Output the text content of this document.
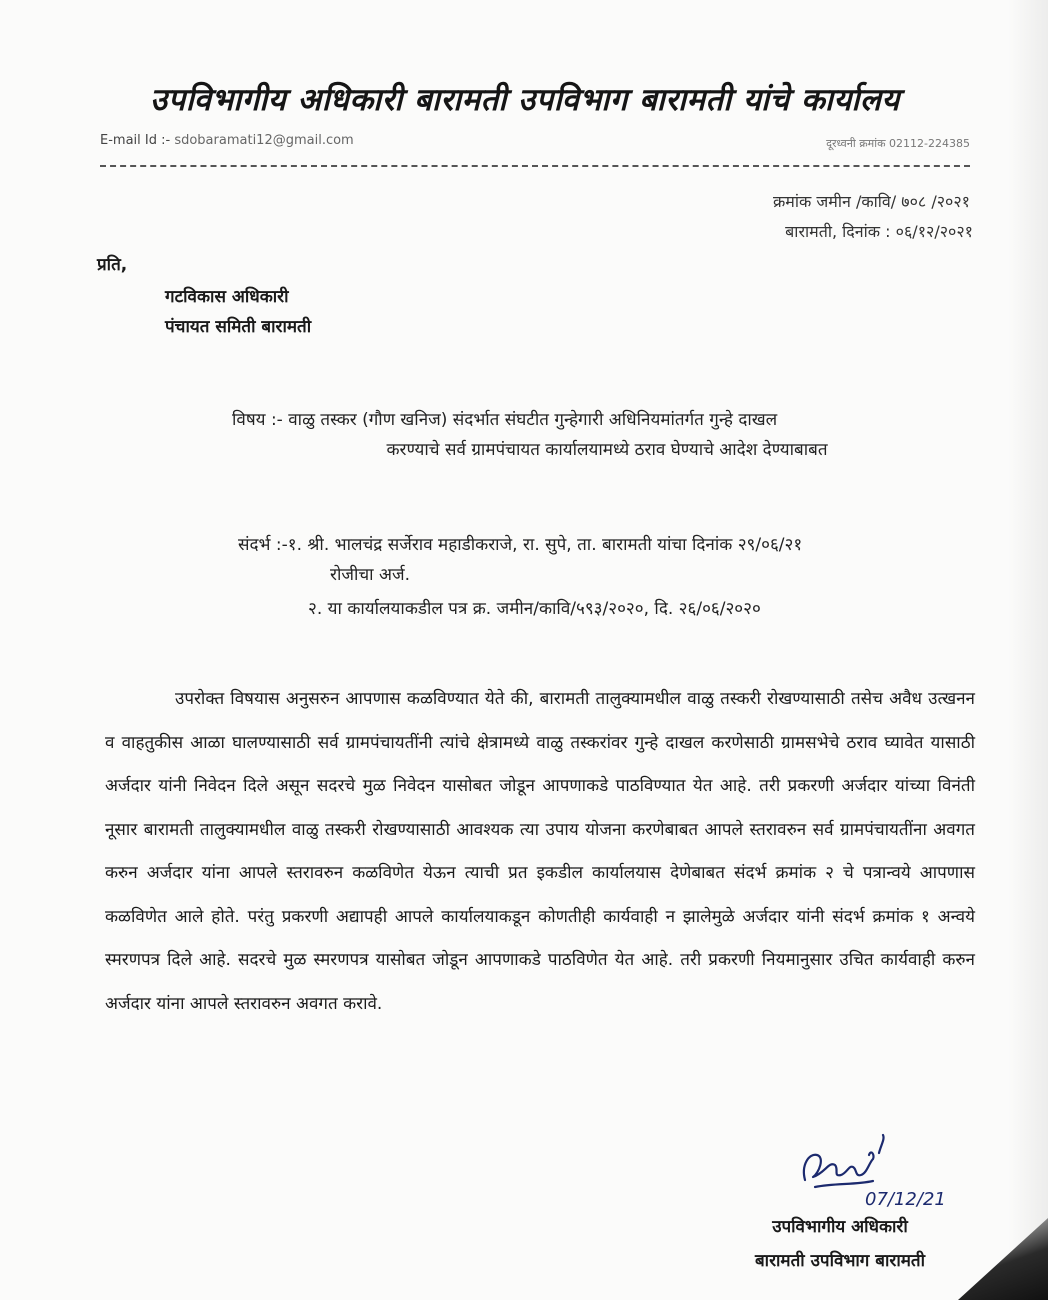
उपविभागीय अधिकारी बारामती उपविभाग बारामती यांचे कार्यालय
E-mail Id :- sdobaramati12@gmail.com	दूरध्वनी क्रमांक 02112-224385
क्रमांक जमीन /कावि/ ७०८ /२०२१
बारामती, दिनांक : ०६/१२/२०२१
प्रति,
गटविकास अधिकारी
पंचायत समिती बारामती
विषय :- वाळु तस्कर (गौण खनिज) संदर्भात संघटीत गुन्हेगारी अधिनियमांतर्गत गुन्हे दाखल
करण्याचे सर्व ग्रामपंचायत कार्यालयामध्ये ठराव घेण्याचे आदेश देण्याबाबत
संदर्भ :-१. श्री. भालचंद्र सर्जेराव महाडीकराजे, रा. सुपे, ता. बारामती यांचा दिनांक २९/०६/२१
रोजीचा अर्ज.
२. या कार्यालयाकडील पत्र क्र. जमीन/कावि/५९३/२०२०, दि. २६/०६/२०२०
उपरोक्त विषयास अनुसरुन आपणास कळविण्यात येते की, बारामती तालुक्यामधील वाळु तस्करी रोखण्यासाठी तसेच अवैध उत्खनन व वाहतुकीस आळा घालण्यासाठी सर्व ग्रामपंचायतींनी त्यांचे क्षेत्रामध्ये वाळु तस्करांवर गुन्हे दाखल करणेसाठी ग्रामसभेचे ठराव घ्यावेत यासाठी अर्जदार यांनी निवेदन दिले असून सदरचे मुळ निवेदन यासोबत जोडून आपणाकडे पाठविण्यात येत आहे. तरी प्रकरणी अर्जदार यांच्या विनंती नूसार बारामती तालुक्यामधील वाळु तस्करी रोखण्यासाठी आवश्यक त्या उपाय योजना करणेबाबत आपले स्तरावरुन सर्व ग्रामपंचायतींना अवगत करुन अर्जदार यांना आपले स्तरावरुन कळविणेत येऊन त्याची प्रत इकडील कार्यालयास देणेबाबत संदर्भ क्रमांक २ चे पत्रान्वये आपणास कळविणेत आले होते. परंतु प्रकरणी अद्यापही आपले कार्यालयाकडून कोणतीही कार्यवाही न झालेमुळे अर्जदार यांनी संदर्भ क्रमांक १ अन्वये स्मरणपत्र दिले आहे. सदरचे मुळ स्मरणपत्र यासोबत जोडून आपणाकडे पाठविणेत येत आहे. तरी प्रकरणी नियमानुसार उचित कार्यवाही करुन अर्जदार यांना आपले स्तरावरुन अवगत करावे.
07/12/21
उपविभागीय अधिकारी
बारामती उपविभाग बारामती
